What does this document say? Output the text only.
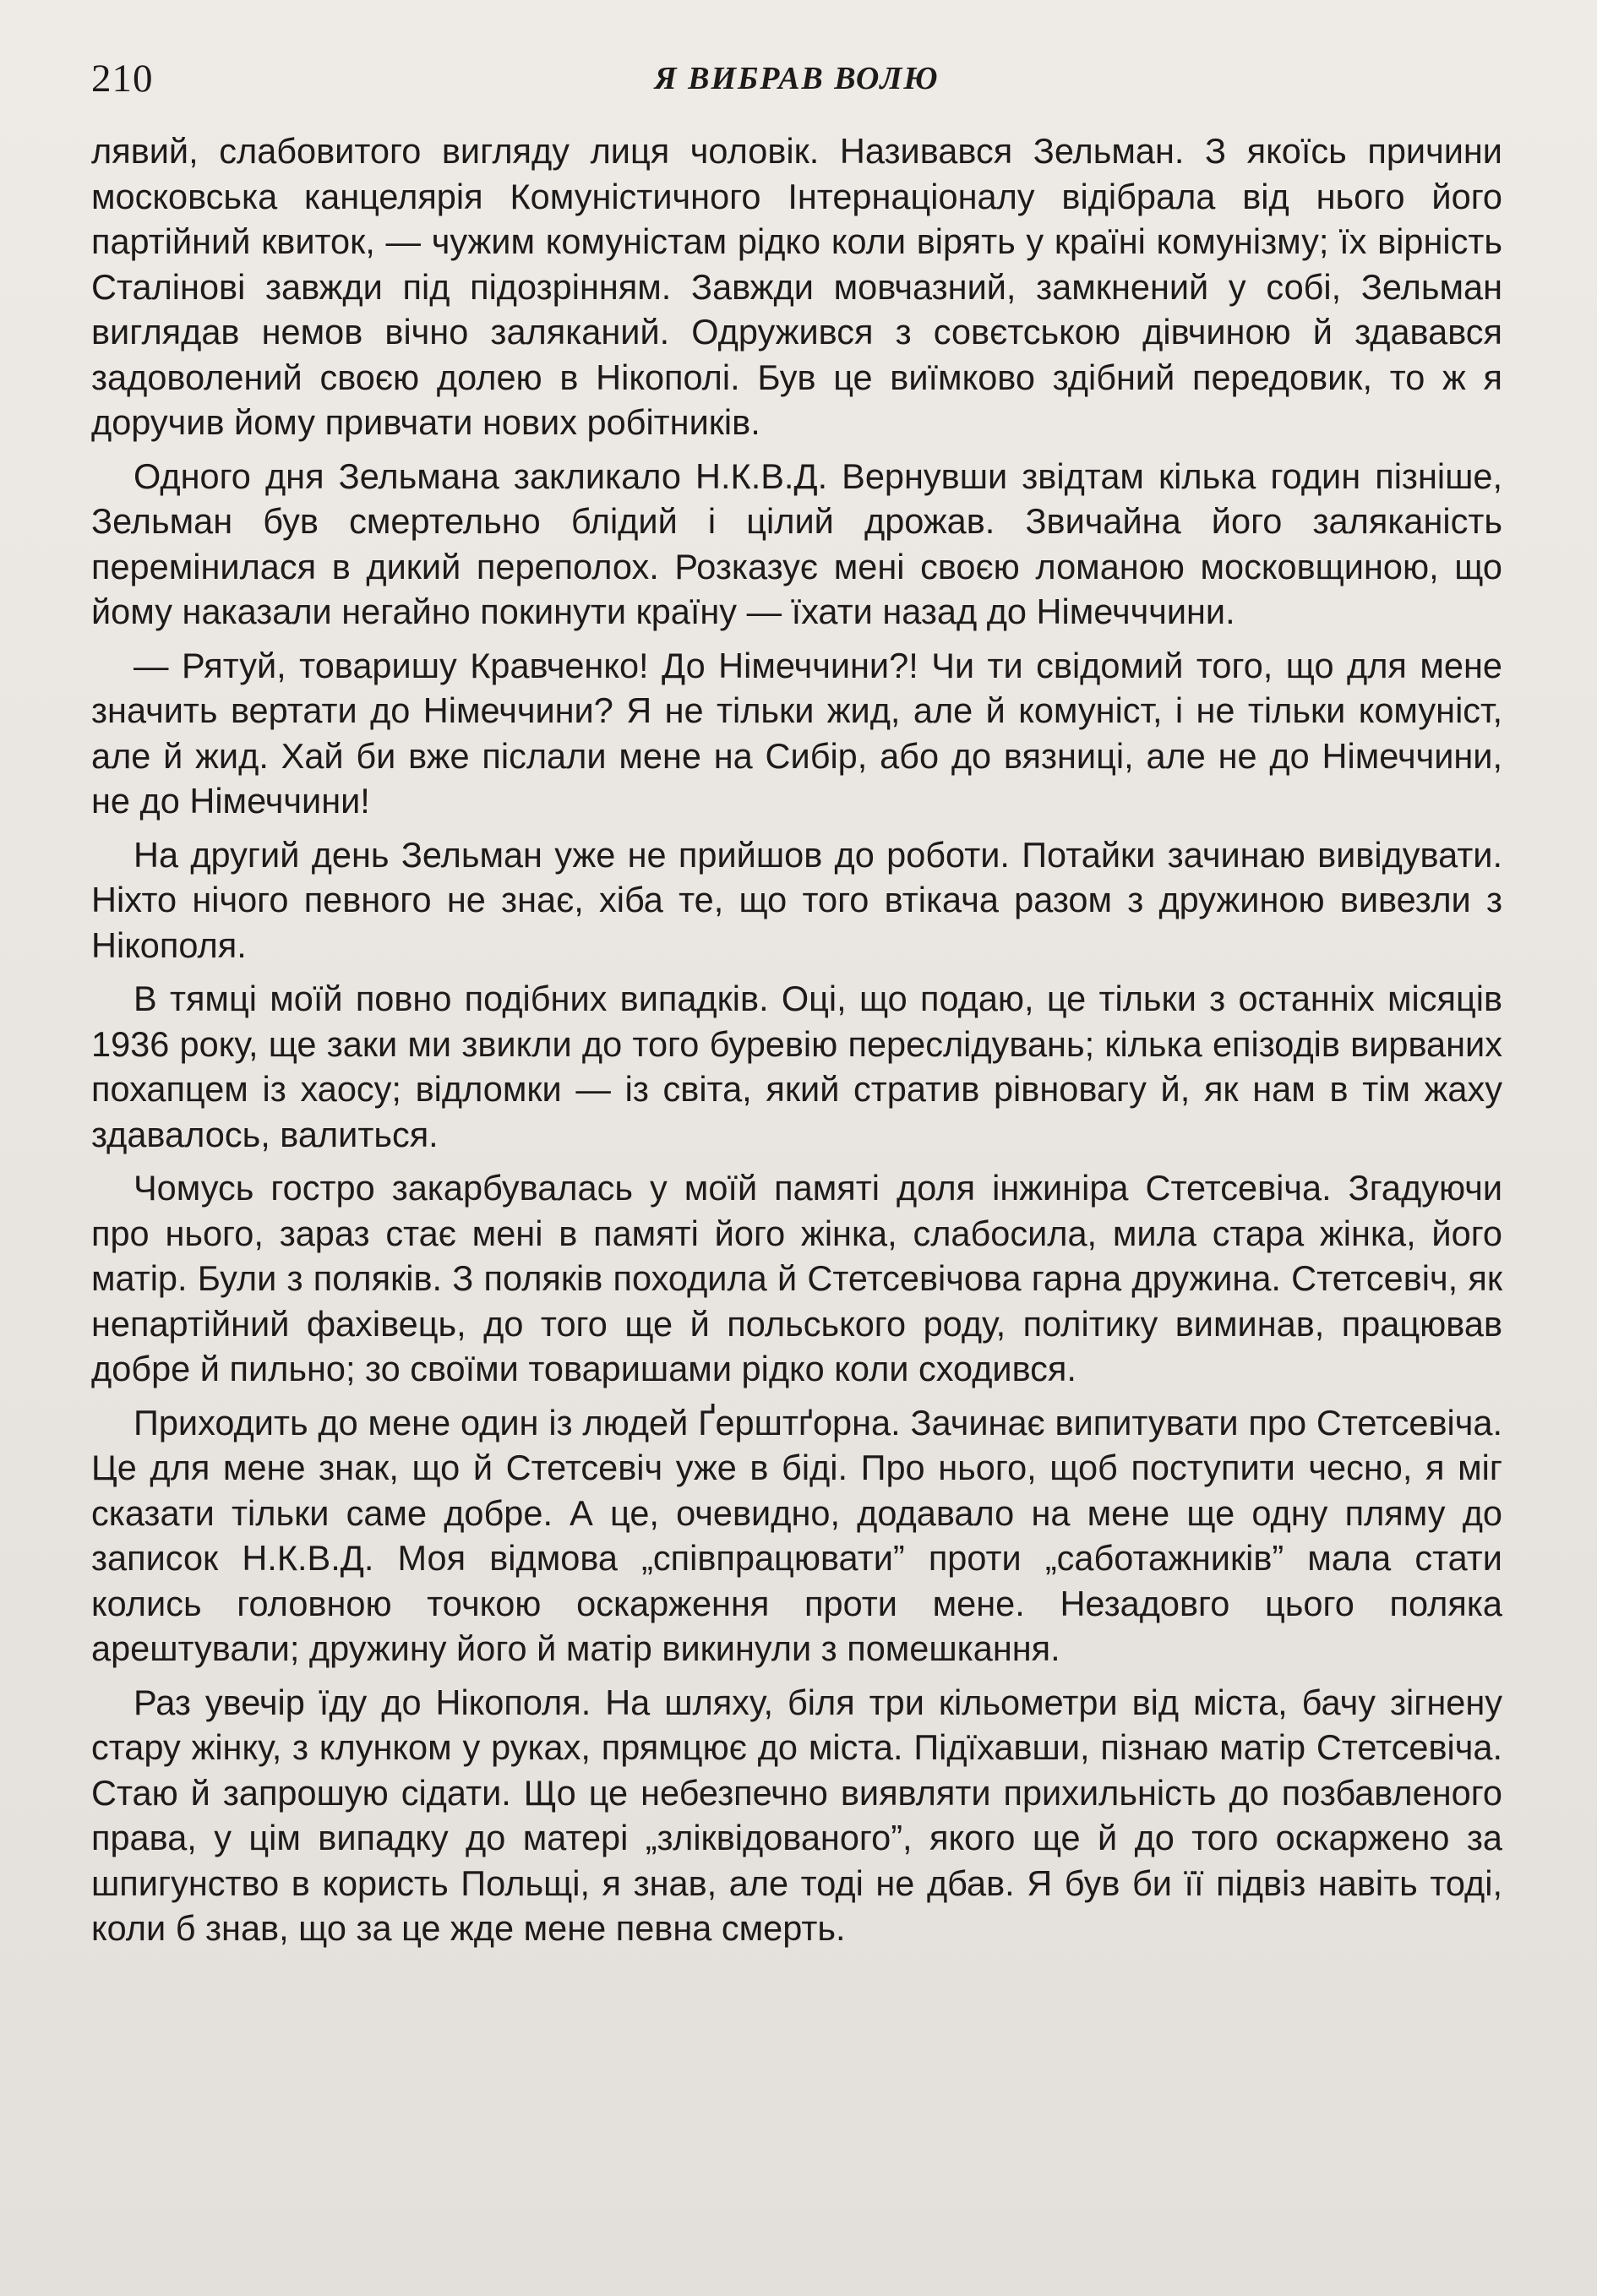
210	Я ВИБРАВ ВОЛЮ

лявий, слабовитого вигляду лиця чоловік. Називався Зельман. З якоїсь причини московська канцелярія Комуністичного Інтернаціоналу відібрала від нього його партійний квиток, — чужим комуністам рідко коли вірять у країні комунізму; їх вірність Сталінові завжди під підозрінням. Завжди мовчазний, замкнений у собі, Зельман виглядав немов вічно заляканий. Одружився з совєтською дівчиною й здавався задоволений своєю долею в Нікополі. Був це виїмково здібний передовик, то ж я доручив йому привчати нових робітників.

Одного дня Зельмана закликало Н.К.В.Д. Вернувши звідтам кілька годин пізніше, Зельман був смертельно блідий і цілий дрожав. Звичайна його заляканість перемінилася в дикий переполох. Розказує мені своєю ломаною московщиною, що йому наказали негайно покинути країну — їхати назад до Німечччини.

— Рятуй, товаришу Кравченко! До Німеччини?! Чи ти свідомий того, що для мене значить вертати до Німеччини? Я не тільки жид, але й комуніст, і не тільки комуніст, але й жид. Хай би вже післали мене на Сибір, або до вязниці, але не до Німеччини, не до Німеччини!

На другий день Зельман уже не прийшов до роботи. Потайки зачинаю вивідувати. Ніхто нічого певного не знає, хіба те, що того втікача разом з дружиною вивезли з Нікополя.

В тямці моїй повно подібних випадків. Оці, що подаю, це тільки з останніх місяців 1936 року, ще заки ми звикли до того буревію переслідувань; кілька епізодів вирваних похапцем із хаосу; відломки — із світа, який стратив рівновагу й, як нам в тім жаху здавалось, валиться.

Чомусь гостро закарбувалась у моїй памяті доля інжиніра Стетсевіча. Згадуючи про нього, зараз стає мені в памяті його жінка, слабосила, мила стара жінка, його матір. Були з поляків. З поляків походила й Стетсевічова гарна дружина. Стетсевіч, як непартійний фахівець, до того ще й польського роду, політику виминав, працював добре й пильно; зо своїми товаришами рідко коли сходився.

Приходить до мене один із людей Ґерштґорна. Зачинає випитувати про Стетсевіча. Це для мене знак, що й Стетсевіч уже в біді. Про нього, щоб поступити чесно, я міг сказати тільки саме добре. А це, очевидно, додавало на мене ще одну пляму до записок Н.К.В.Д. Моя відмова „співпрацювати” проти „саботажників” мала стати колись головною точкою оскарження проти мене. Незадовго цього поляка арештували; дружину його й матір викинули з помешкання.

Раз увечір їду до Нікополя. На шляху, біля три кільометри від міста, бачу зігнену стару жінку, з клунком у руках, прямцює до міста. Підїхавши, пізнаю матір Стетсевіча. Стаю й запрошую сідати. Що це небезпечно виявляти прихильність до позбавленого права, у цім випадку до матері „зліквідованого”, якого ще й до того оскаржено за шпигунство в користь Польщі, я знав, але тоді не дбав. Я був би її підвіз навіть тоді, коли б знав, що за це жде мене певна смерть.
